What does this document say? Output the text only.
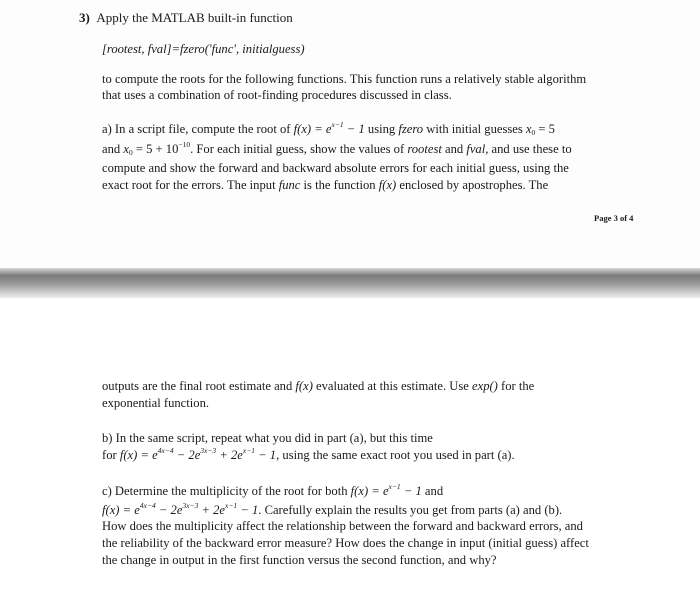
3) Apply the MATLAB built-in function
[rootest, fval]=fzero('func', initialguess)
to compute the roots for the following functions. This function runs a relatively stable algorithm
that uses a combination of root-finding procedures discussed in class.
a) In a script file, compute the root of $f(x) = e^{x-1} - 1$ using fzero with initial guesses $x_0 = 5$
and $x_0 = 5 + 10^{-10}$. For each initial guess, show the values of rootest and fval, and use these to
compute and show the forward and backward absolute errors for each initial guess, using the
exact root for the errors. The input func is the function f(x) enclosed by apostrophes. The
Page 3 of 4
outputs are the final root estimate and f(x) evaluated at this estimate. Use exp() for the
exponential function.
b) In the same script, repeat what you did in part (a), but this time
for $f(x) = e^{4x-4} - 2e^{3x-3} + 2e^{x-1} - 1$, using the same exact root you used in part (a).
c) Determine the multiplicity of the root for both $f(x) = e^{x-1} - 1$ and
$f(x) = e^{4x-4} - 2e^{3x-3} + 2e^{x-1} - 1$. Carefully explain the results you get from parts (a) and (b).
How does the multiplicity affect the relationship between the forward and backward errors, and
the reliability of the backward error measure? How does the change in input (initial guess) affect
the change in output in the first function versus the second function, and why?
